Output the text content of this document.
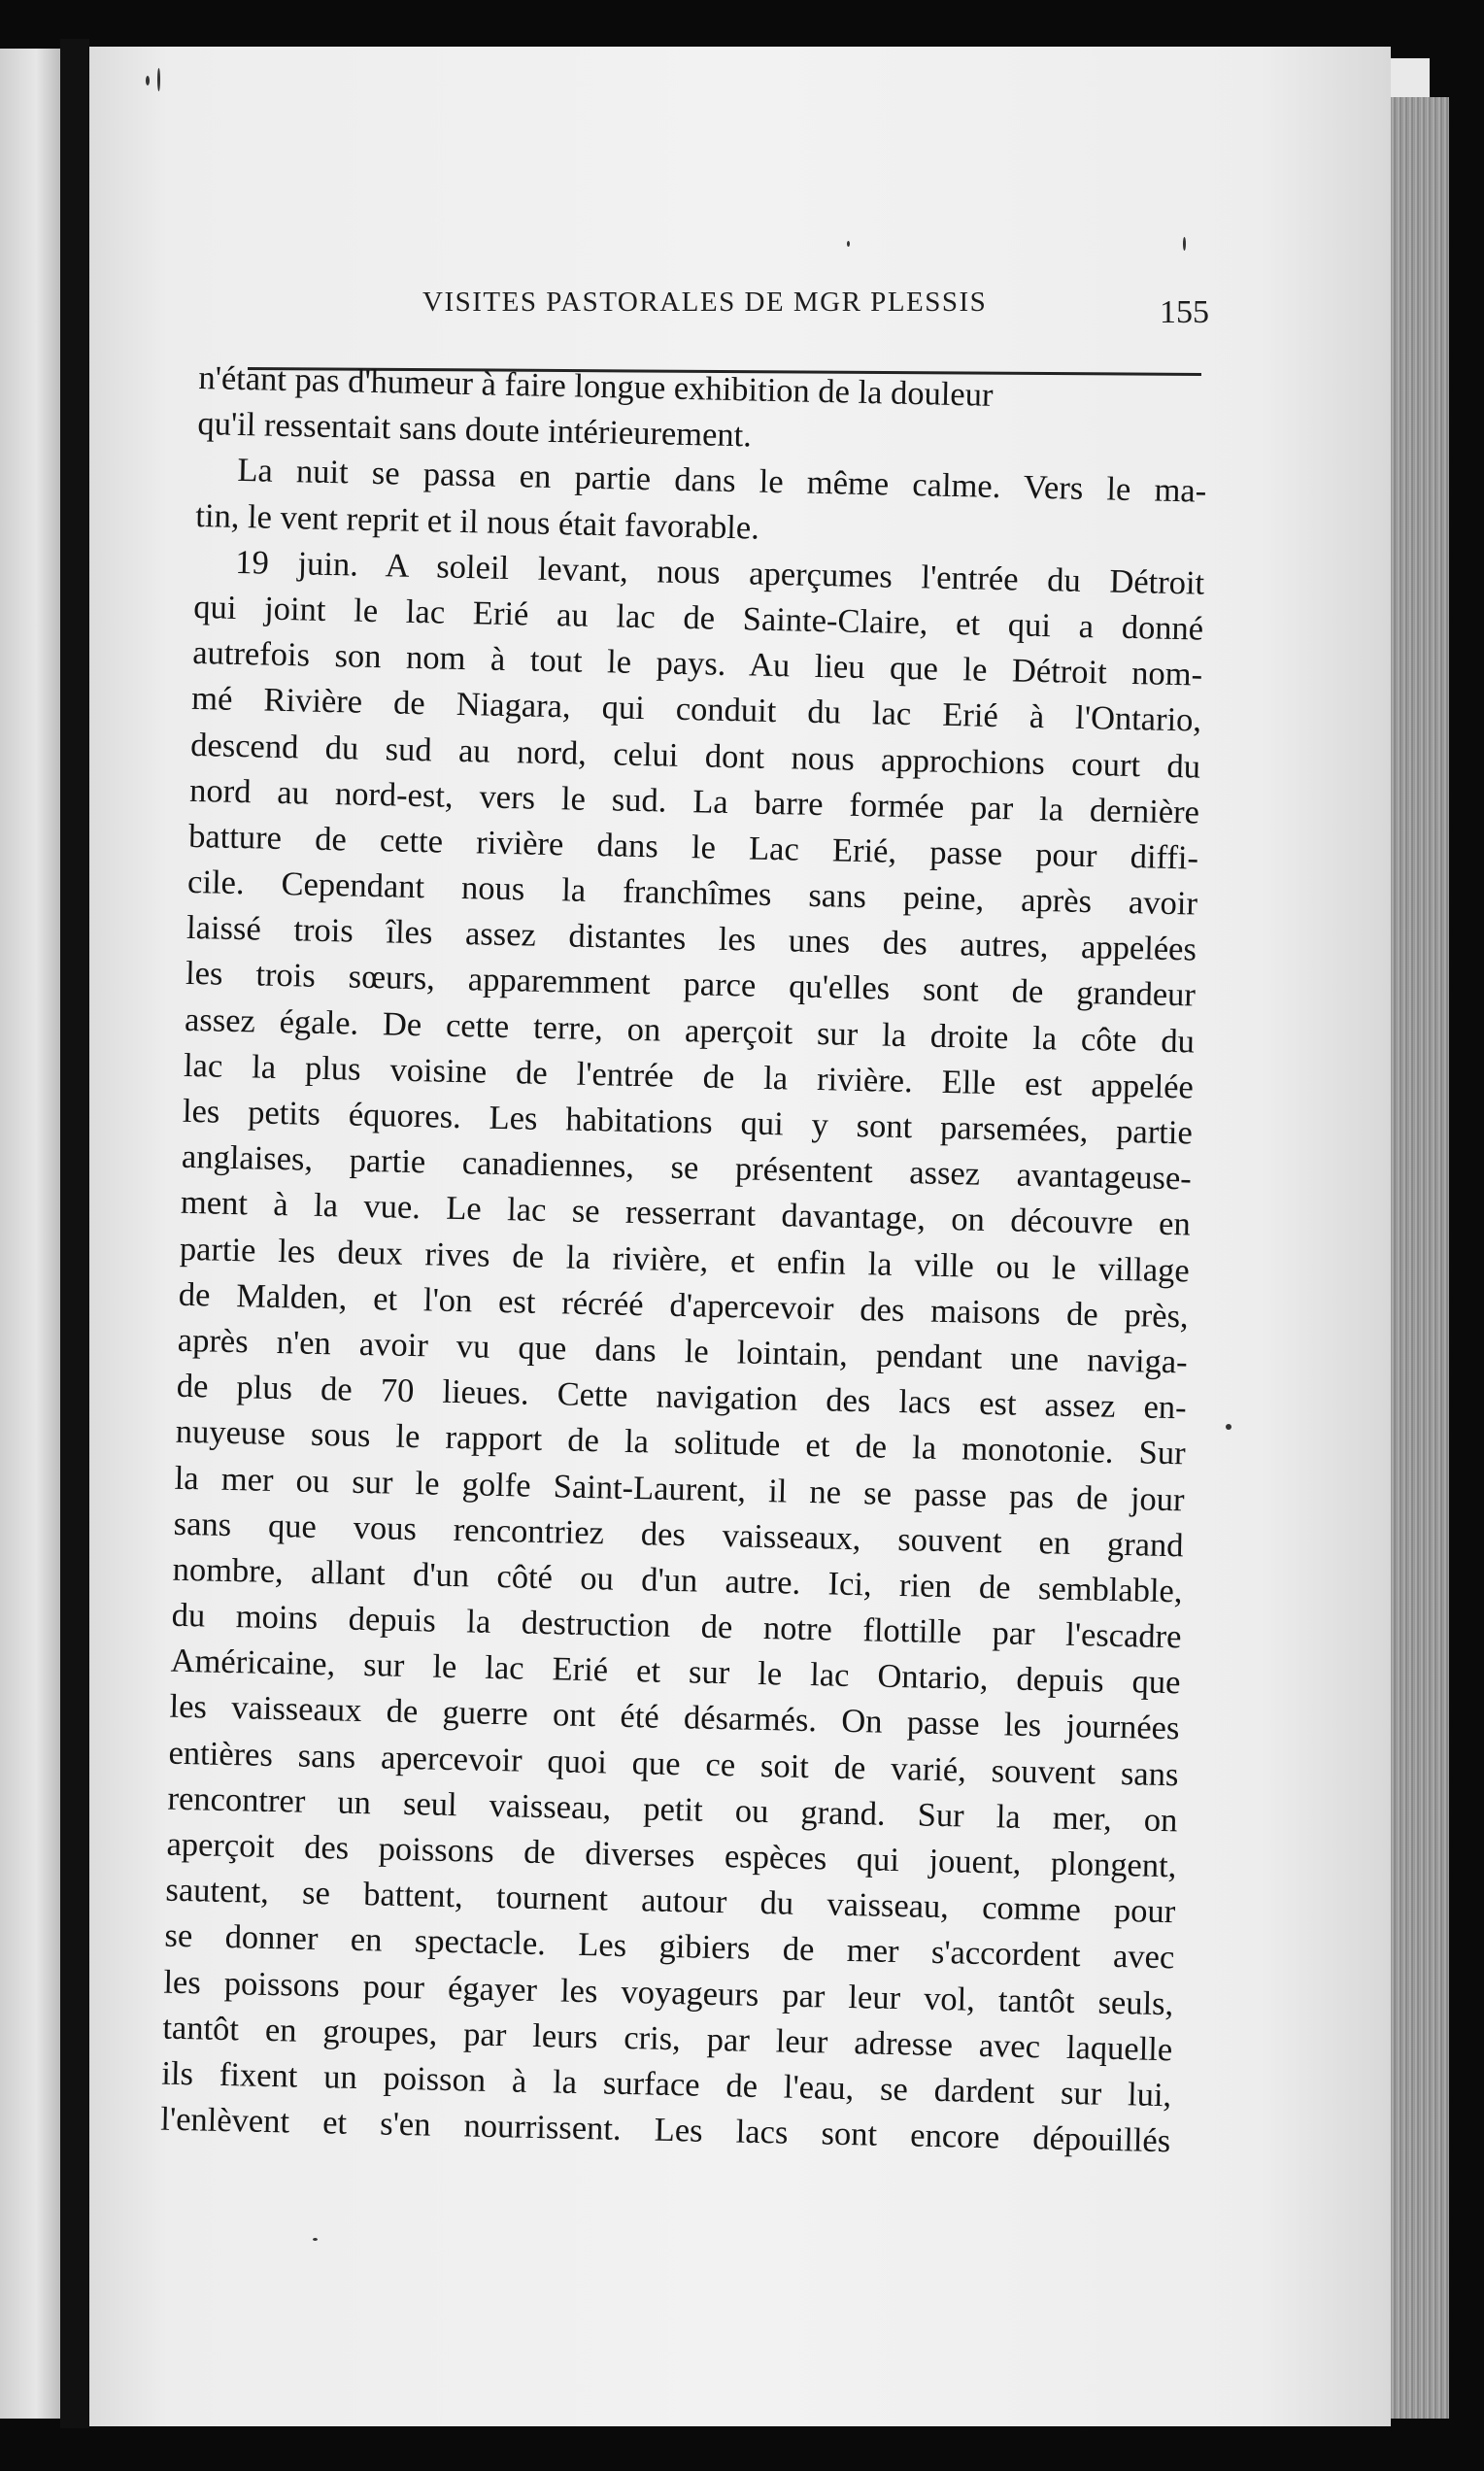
VISITES PASTORALES DE MGR PLESSIS	155
n'étant pas d'humeur à faire longue exhibition de la douleur
qu'il ressentait sans doute intérieurement.
La nuit se passa en partie dans le même calme. Vers le ma-
tin, le vent reprit et il nous était favorable.
19 juin. A soleil levant, nous aperçumes l'entrée du Détroit
qui joint le lac Erié au lac de Sainte-Claire, et qui a donné
autrefois son nom à tout le pays. Au lieu que le Détroit nom-
mé Rivière de Niagara, qui conduit du lac Erié à l'Ontario,
descend du sud au nord, celui dont nous approchions court du
nord au nord-est, vers le sud. La barre formée par la dernière
batture de cette rivière dans le Lac Erié, passe pour diffi-
cile. Cependant nous la franchîmes sans peine, après avoir
laissé trois îles assez distantes les unes des autres, appelées
les trois sœurs, apparemment parce qu'elles sont de grandeur
assez égale. De cette terre, on aperçoit sur la droite la côte du
lac la plus voisine de l'entrée de la rivière. Elle est appelée
les petits équores. Les habitations qui y sont parsemées, partie
anglaises, partie canadiennes, se présentent assez avantageuse-
ment à la vue. Le lac se resserrant davantage, on découvre en
partie les deux rives de la rivière, et enfin la ville ou le village
de Malden, et l'on est récréé d'apercevoir des maisons de près,
après n'en avoir vu que dans le lointain, pendant une naviga-
de plus de 70 lieues. Cette navigation des lacs est assez en-
nuyeuse sous le rapport de la solitude et de la monotonie. Sur
la mer ou sur le golfe Saint-Laurent, il ne se passe pas de jour
sans que vous rencontriez des vaisseaux, souvent en grand
nombre, allant d'un côté ou d'un autre. Ici, rien de semblable,
du moins depuis la destruction de notre flottille par l'escadre
Américaine, sur le lac Erié et sur le lac Ontario, depuis que
les vaisseaux de guerre ont été désarmés. On passe les journées
entières sans apercevoir quoi que ce soit de varié, souvent sans
rencontrer un seul vaisseau, petit ou grand. Sur la mer, on
aperçoit des poissons de diverses espèces qui jouent, plongent,
sautent, se battent, tournent autour du vaisseau, comme pour
se donner en spectacle. Les gibiers de mer s'accordent avec
les poissons pour égayer les voyageurs par leur vol, tantôt seuls,
tantôt en groupes, par leurs cris, par leur adresse avec laquelle
ils fixent un poisson à la surface de l'eau, se dardent sur lui,
l'enlèvent et s'en nourrissent. Les lacs sont encore dépouillés
